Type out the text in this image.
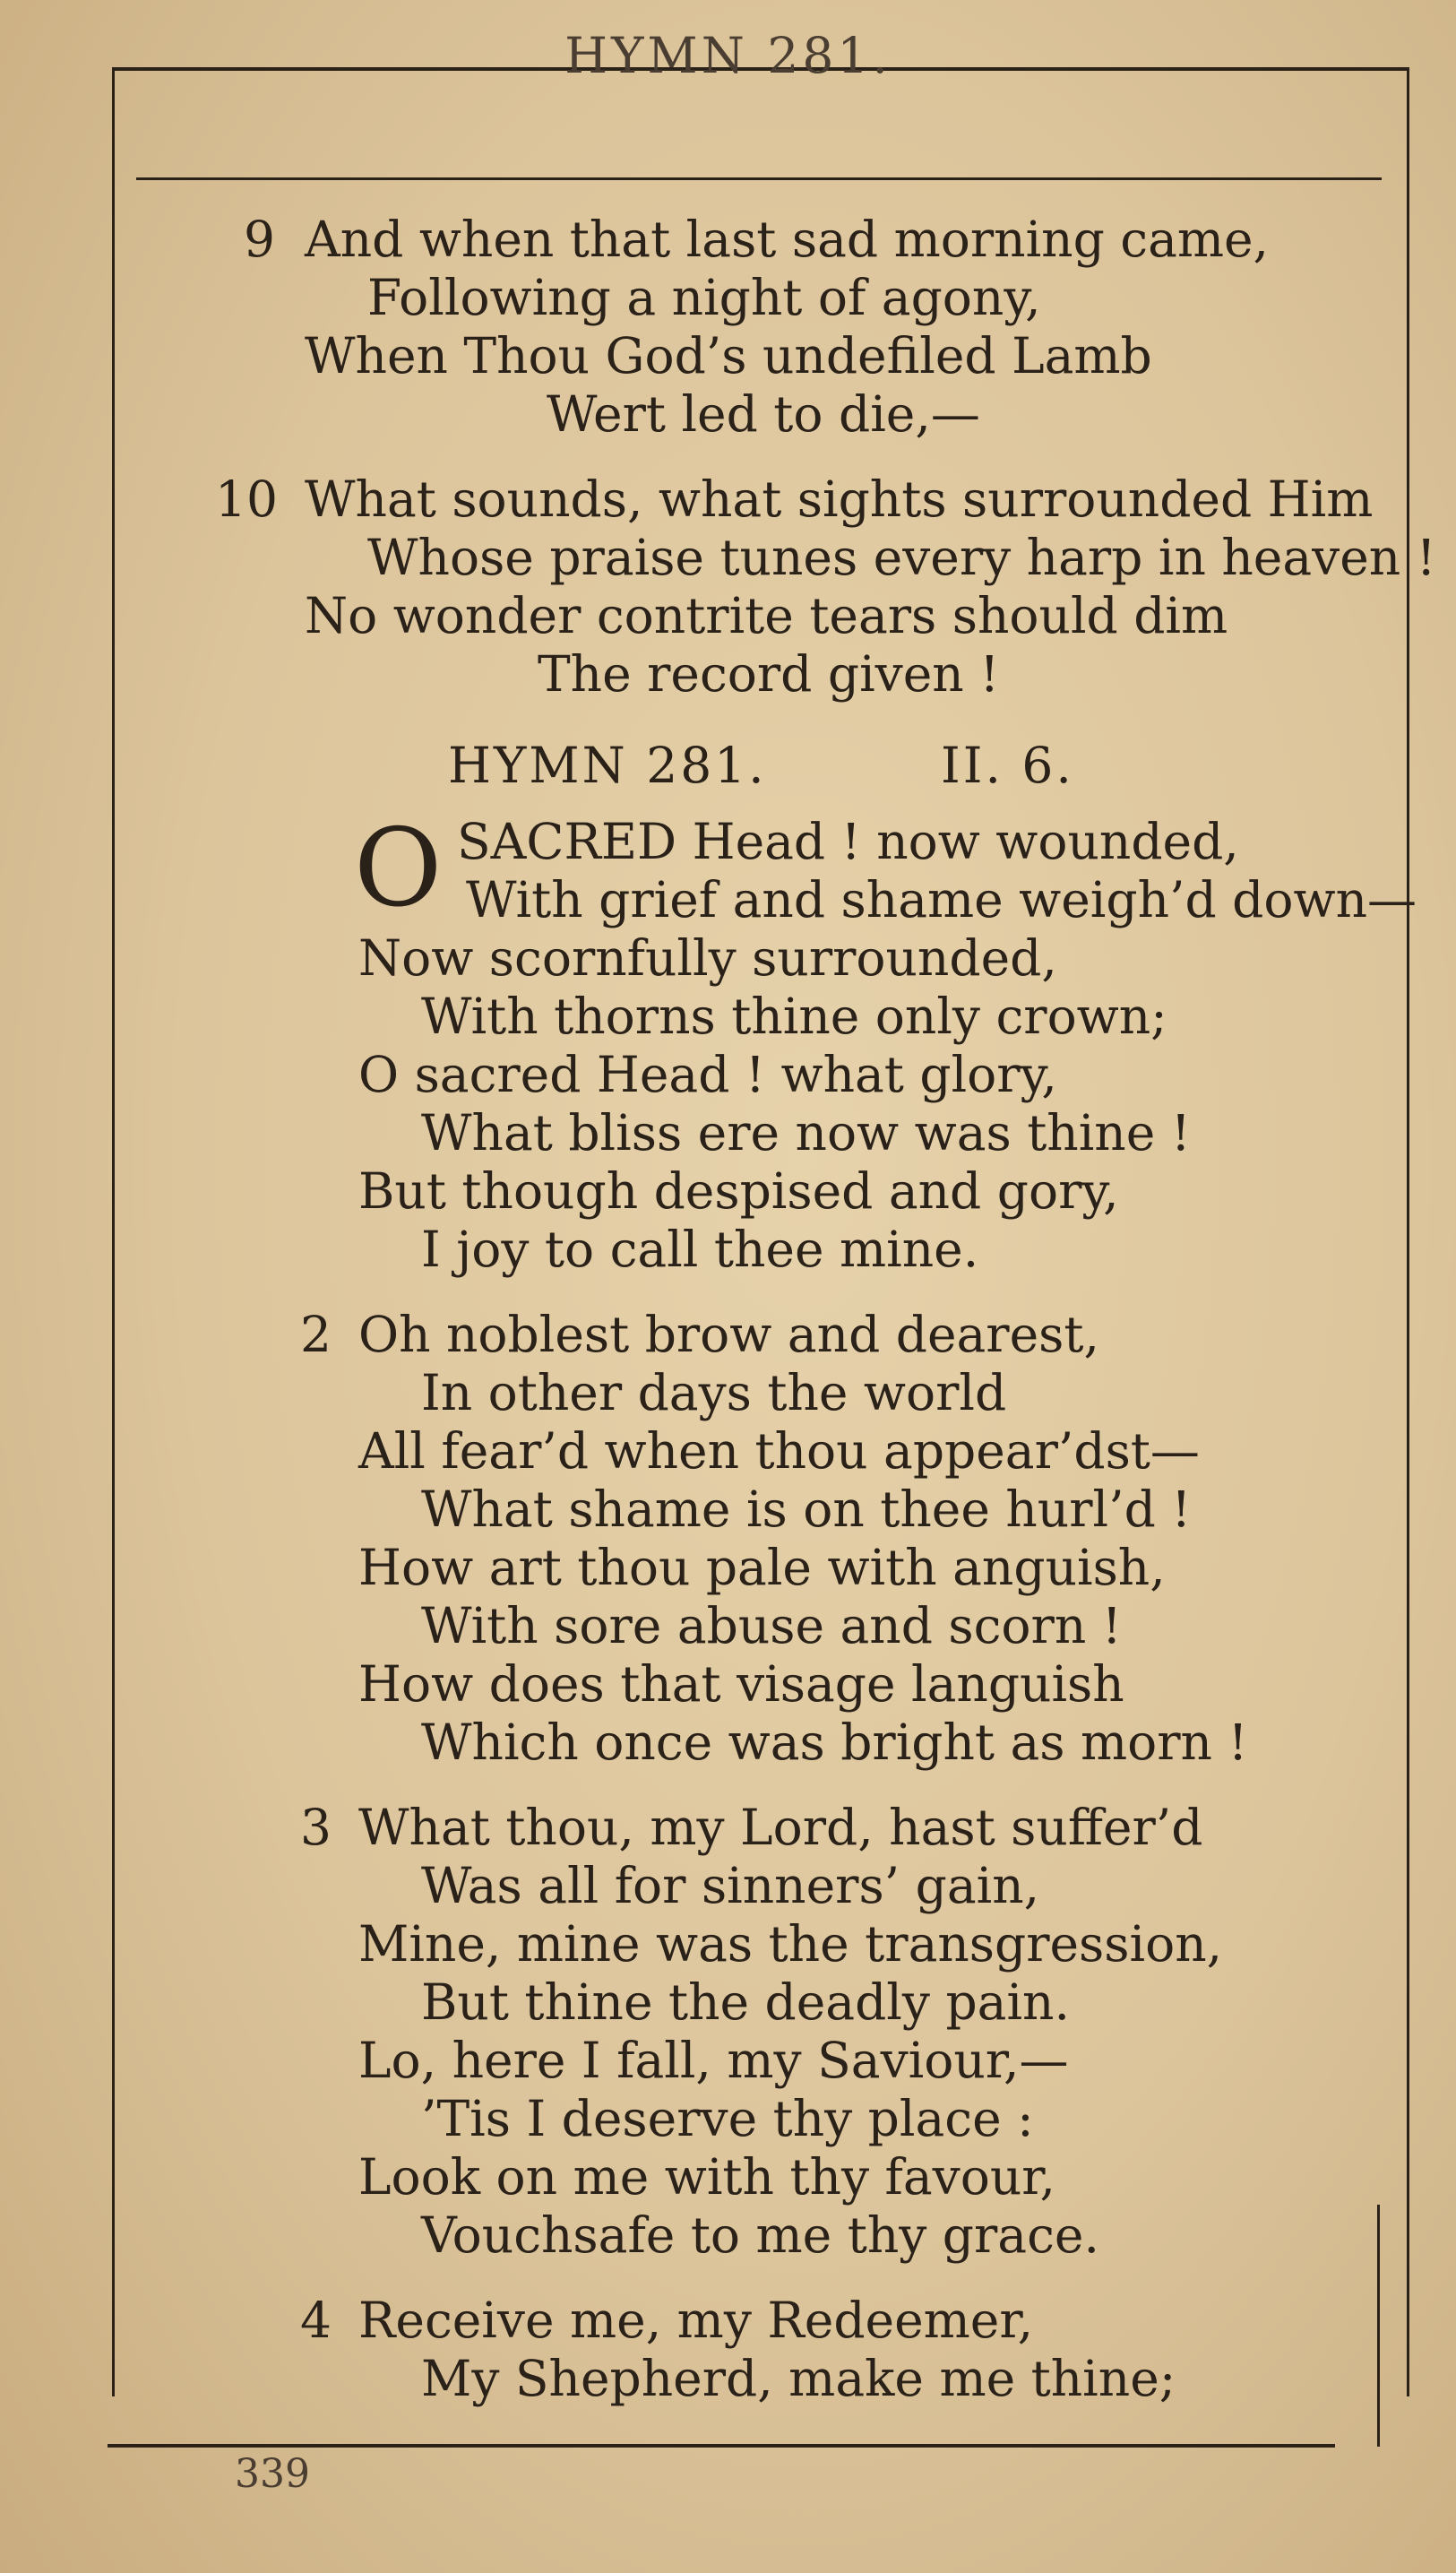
HYMN 281.
9 And when that last sad morning came,
Following a night of agony,
When Thou God’s undefiled Lamb
Wert led to die,—
10 What sounds, what sights surrounded Him
Whose praise tunes every harp in heaven !
No wonder contrite tears should dim
The record given !
HYMN 281.	II. 6.
O SACRED Head ! now wounded,
With grief and shame weigh’d down—
Now scornfully surrounded,
With thorns thine only crown;
O sacred Head ! what glory,
What bliss ere now was thine !
But though despised and gory,
I joy to call thee mine.
2 Oh noblest brow and dearest,
In other days the world
All fear’d when thou appear’dst—
What shame is on thee hurl’d !
How art thou pale with anguish,
With sore abuse and scorn !
How does that visage languish
Which once was bright as morn !
3 What thou, my Lord, hast suffer’d
Was all for sinners’ gain,
Mine, mine was the transgression,
But thine the deadly pain.
Lo, here I fall, my Saviour,—
’Tis I deserve thy place :
Look on me with thy favour,
Vouchsafe to me thy grace.
4 Receive me, my Redeemer,
My Shepherd, make me thine;
339
